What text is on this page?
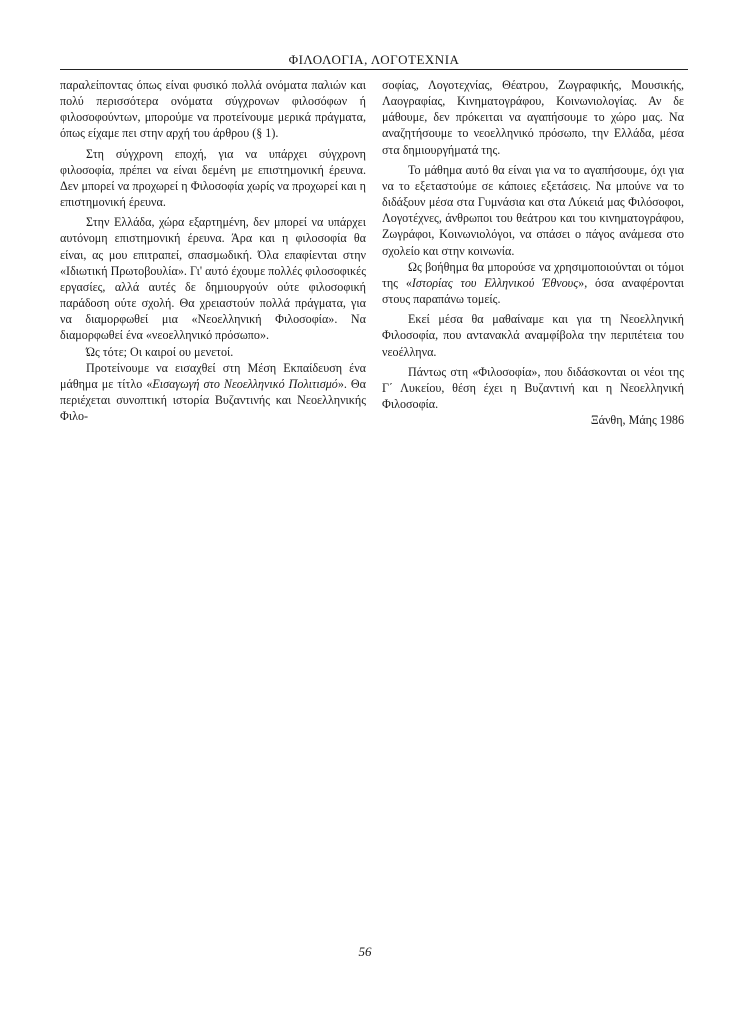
ΦΙΛΟΛΟΓΙΑ, ΛΟΓΟΤΕΧΝΙΑ

παραλείποντας όπως είναι φυσικό πολλά ονόματα παλιών και πολύ περισσότερα ονόματα σύγχρονων φιλοσόφων ή φιλοσοφούντων, μπορούμε να προτείνουμε μερικά πράγματα, όπως είχαμε πει στην αρχή του άρθρου (§ 1).

Στη σύγχρονη εποχή, για να υπάρχει σύγχρονη φιλοσοφία, πρέπει να είναι δεμένη με επιστημονική έρευνα. Δεν μπορεί να προχωρεί η Φιλοσοφία χωρίς να προχωρεί και η επιστημονική έρευνα.

Στην Ελλάδα, χώρα εξαρτημένη, δεν μπορεί να υπάρχει αυτόνομη επιστημονική έρευνα. Άρα και η φιλοσοφία θα είναι, ας μου επιτραπεί, σπασμωδική. Όλα επαφίενται στην «Ιδιωτική Πρωτοβουλία». Γι' αυτό έχουμε πολλές φιλοσοφικές εργασίες, αλλά αυτές δε δημιουργούν ούτε φιλοσοφική παράδοση ούτε σχολή. Θα χρειαστούν πολλά πράγματα, για να διαμορφωθεί μια «Νεοελληνική Φιλοσοφία». Να διαμορφωθεί ένα «νεοελληνικό πρόσωπο».

Ώς τότε; Οι καιροί ου μενετοί.

Προτείνουμε να εισαχθεί στη Μέση Εκπαίδευση ένα μάθημα με τίτλο «Εισαγωγή στο Νεοελληνικό Πολιτισμό». Θα περιέχεται συνοπτική ιστορία Βυζαντινής και Νεοελληνικής Φιλο-

σοφίας, Λογοτεχνίας, Θέατρου, Ζωγραφικής, Μουσικής, Λαογραφίας, Κινηματογράφου, Κοινωνιολογίας. Αν δε μάθουμε, δεν πρόκειται να αγαπήσουμε το χώρο μας. Να αναζητήσουμε το νεοελληνικό πρόσωπο, την Ελλάδα, μέσα στα δημιουργήματά της.

Το μάθημα αυτό θα είναι για να το αγαπήσουμε, όχι για να το εξεταστούμε σε κάποιες εξετάσεις. Να μπούνε να το διδάξουν μέσα στα Γυμνάσια και στα Λύκειά μας Φιλόσοφοι, Λογοτέχνες, άνθρωποι του θεάτρου και του κινηματογράφου, Ζωγράφοι, Κοινωνιολόγοι, να σπάσει ο πάγος ανάμεσα στο σχολείο και στην κοινωνία.

Ως βοήθημα θα μπορούσε να χρησιμοποιούνται οι τόμοι της «Ιστορίας του Ελληνικού Έθνους», όσα αναφέρονται στους παραπάνω τομείς.

Εκεί μέσα θα μαθαίναμε και για τη Νεοελληνική Φιλοσοφία, που αντανακλά αναμφίβολα την περιπέτεια του νεοέλληνα.

Πάντως στη «Φιλοσοφία», που διδάσκονται οι νέοι της Γ΄ Λυκείου, θέση έχει η Βυζαντινή και η Νεοελληνική Φιλοσοφία.

Ξάνθη, Μάης 1986

56
